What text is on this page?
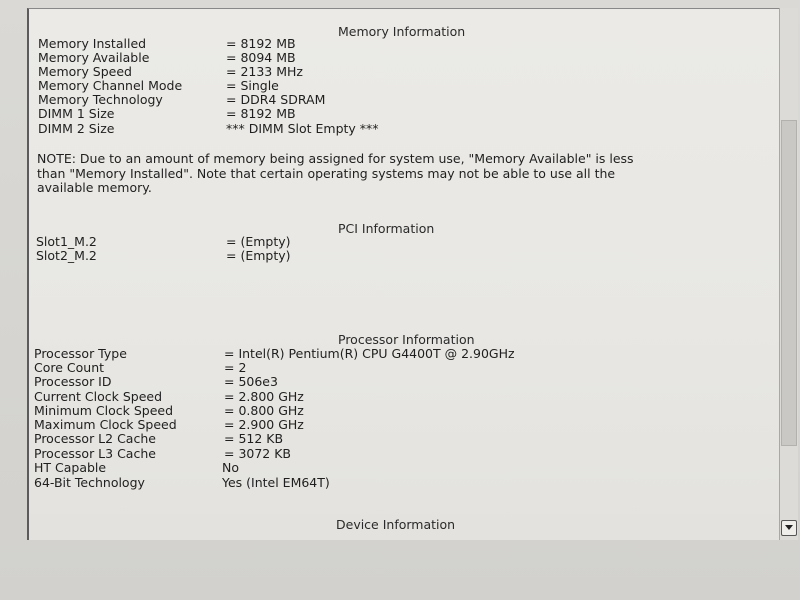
Memory Information
Memory Installed	= 8192 MB
Memory Available	= 8094 MB
Memory Speed	= 2133 MHz
Memory Channel Mode	= Single
Memory Technology	= DDR4 SDRAM
DIMM 1 Size	= 8192 MB
DIMM 2 Size	*** DIMM Slot Empty ***
NOTE: Due to an amount of memory being assigned for system use, "Memory Available" is less
than "Memory Installed". Note that certain operating systems may not be able to use all the
available memory.
PCI Information
Slot1_M.2	= (Empty)
Slot2_M.2	= (Empty)
Processor Information
Processor Type	= Intel(R) Pentium(R) CPU G4400T @ 2.90GHz
Core Count	= 2
Processor ID	= 506e3
Current Clock Speed	= 2.800 GHz
Minimum Clock Speed	= 0.800 GHz
Maximum Clock Speed	= 2.900 GHz
Processor L2 Cache	= 512 KB
Processor L3 Cache	= 3072 KB
HT Capable	No
64-Bit Technology	Yes (Intel EM64T)
Device Information
